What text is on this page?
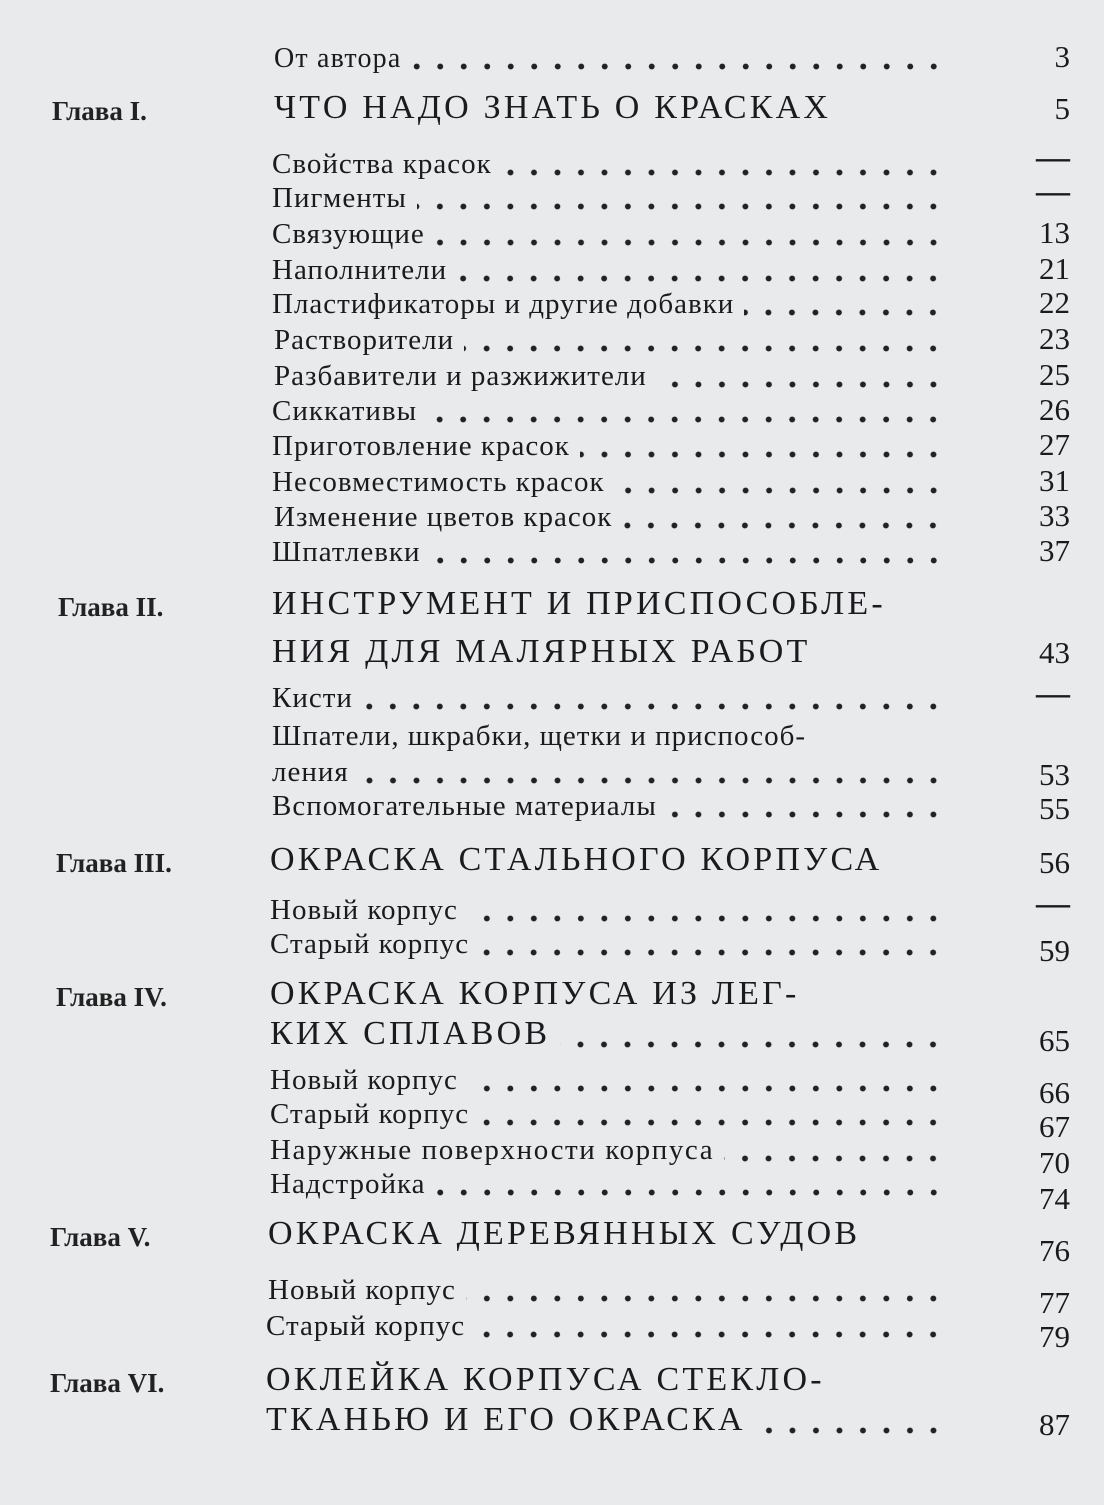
От автора	3
Глава I.	ЧТО НАДО ЗНАТЬ О КРАСКАХ	5
Свойства красок	—
Пигменты	—
Связующие	13
Наполнители	21
Пластификаторы и другие добавки	22
Растворители	23
Разбавители и разжижители	25
Сиккативы	26
Приготовление красок	27
Несовместимость красок	31
Изменение цветов красок	33
Шпатлевки	37
Глава II.	ИНСТРУМЕНТ И ПРИСПОСОБЛЕ-
НИЯ ДЛЯ МАЛЯРНЫХ РАБОТ	43
Кисти	—
Шпатели, шкрабки, щетки и приспособ-
ления	53
Вспомогательные материалы	55
Глава III.	ОКРАСКА СТАЛЬНОГО КОРПУСА	56
Новый корпус	—
Старый корпус	59
Глава IV.	ОКРАСКА КОРПУСА ИЗ ЛЕГ-
КИХ СПЛАВОВ	65
Новый корпус	66
Старый корпус	67
Наружные поверхности корпуса	70
Надстройка	74
Глава V.	ОКРАСКА ДЕРЕВЯННЫХ СУДОВ	76
Новый корпус	77
Старый корпус	79
Глава VI.	ОКЛЕЙКА КОРПУСА СТЕКЛО-
ТКАНЬЮ И ЕГО ОКРАСКА	87
